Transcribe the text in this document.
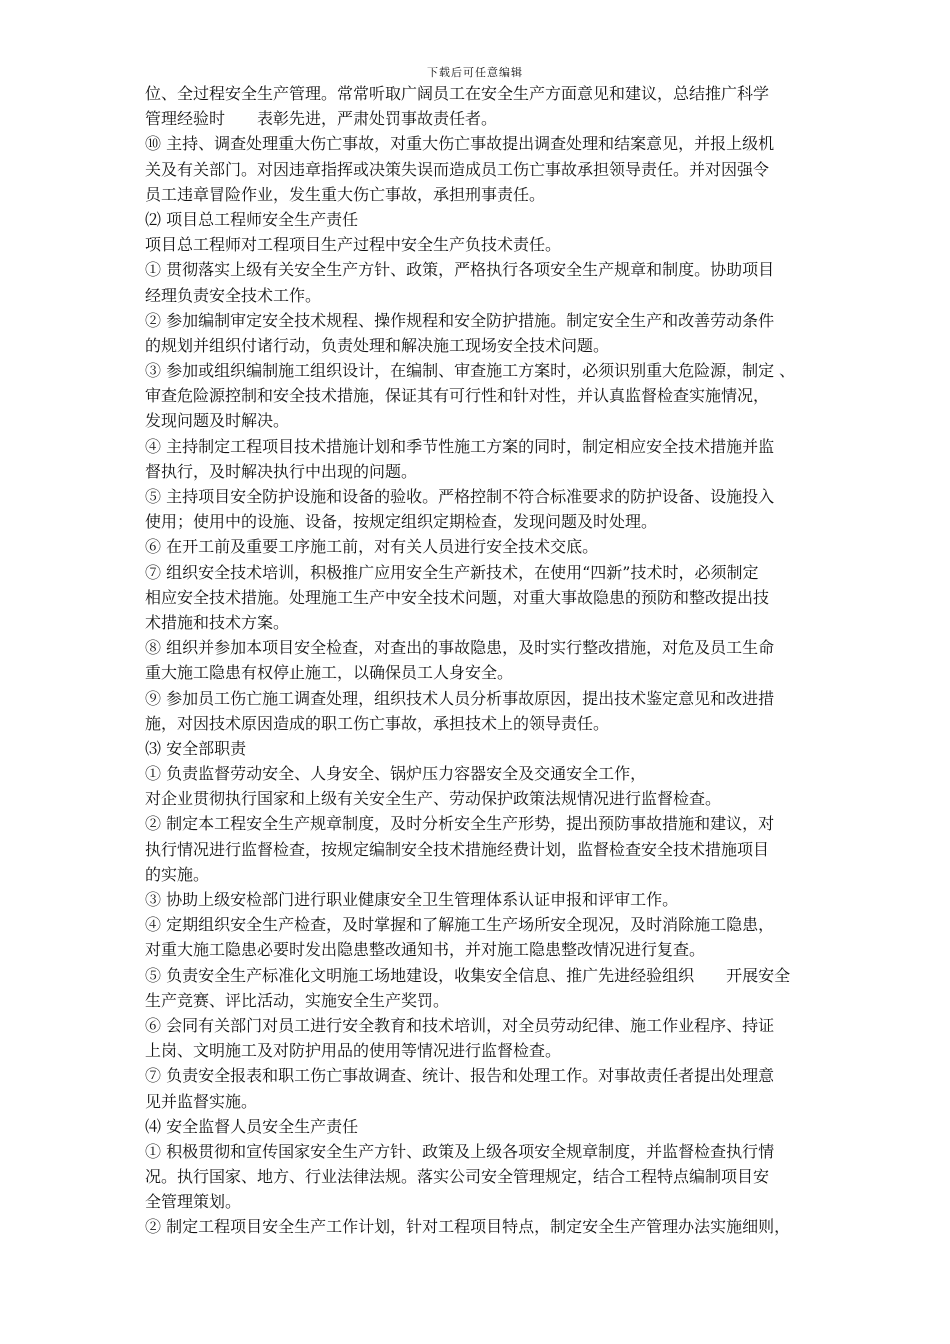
下载后可任意编辑
位、全过程安全生产管理。常常听取广阔员工在安全生产方面意见和建议，总结推广科学
管理经验时　　表彰先进，严肃处罚事故责任者。
⑩ 主持、调查处理重大伤亡事故，对重大伤亡事故提出调查处理和结案意见，并报上级机
关及有关部门。对因违章指挥或决策失误而造成员工伤亡事故承担领导责任。并对因强令
员工违章冒险作业，发生重大伤亡事故，承担刑事责任。
⑵ 项目总工程师安全生产责任
项目总工程师对工程项目生产过程中安全生产负技术责任。
① 贯彻落实上级有关安全生产方针、政策，严格执行各项安全生产规章和制度。协助项目
经理负责安全技术工作。
② 参加编制审定安全技术规程、操作规程和安全防护措施。制定安全生产和改善劳动条件
的规划并组织付诸行动，负责处理和解决施工现场安全技术问题。
③ 参加或组织编制施工组织设计，在编制、审查施工方案时，必须识别重大危险源，制定 、
审查危险源控制和安全技术措施，保证其有可行性和针对性，并认真监督检查实施情况，
发现问题及时解决。
④ 主持制定工程项目技术措施计划和季节性施工方案的同时，制定相应安全技术措施并监
督执行，及时解决执行中出现的问题。
⑤ 主持项目安全防护设施和设备的验收。严格控制不符合标准要求的防护设备、设施投入
使用；使用中的设施、设备，按规定组织定期检查，发现问题及时处理。
⑥ 在开工前及重要工序施工前，对有关人员进行安全技术交底。
⑦ 组织安全技术培训，积极推广应用安全生产新技术，在使用“四新”技术时，必须制定
相应安全技术措施。处理施工生产中安全技术问题，对重大事故隐患的预防和整改提出技
术措施和技术方案。
⑧ 组织并参加本项目安全检查，对查出的事故隐患，及时实行整改措施，对危及员工生命
重大施工隐患有权停止施工，以确保员工人身安全。
⑨ 参加员工伤亡施工调查处理，组织技术人员分析事故原因，提出技术鉴定意见和改进措
施，对因技术原因造成的职工伤亡事故，承担技术上的领导责任。
⑶ 安全部职责
① 负责监督劳动安全、人身安全、锅炉压力容器安全及交通安全工作，
对企业贯彻执行国家和上级有关安全生产、劳动保护政策法规情况进行监督检查。
② 制定本工程安全生产规章制度，及时分析安全生产形势，提出预防事故措施和建议，对
执行情况进行监督检查，按规定编制安全技术措施经费计划，监督检查安全技术措施项目
的实施。
③ 协助上级安检部门进行职业健康安全卫生管理体系认证申报和评审工作。
④ 定期组织安全生产检查，及时掌握和了解施工生产场所安全现况，及时消除施工隐患，
对重大施工隐患必要时发出隐患整改通知书，并对施工隐患整改情况进行复查。
⑤ 负责安全生产标准化文明施工场地建设，收集安全信息、推广先进经验组织　　开展安全
生产竞赛、评比活动，实施安全生产奖罚。
⑥ 会同有关部门对员工进行安全教育和技术培训，对全员劳动纪律、施工作业程序、持证
上岗、文明施工及对防护用品的使用等情况进行监督检查。
⑦ 负责安全报表和职工伤亡事故调查、统计、报告和处理工作。对事故责任者提出处理意
见并监督实施。
⑷ 安全监督人员安全生产责任
① 积极贯彻和宣传国家安全生产方针、政策及上级各项安全规章制度，并监督检查执行情
况。执行国家、地方、行业法律法规。落实公司安全管理规定，结合工程特点编制项目安
全管理策划。
② 制定工程项目安全生产工作计划，针对工程项目特点，制定安全生产管理办法实施细则，
